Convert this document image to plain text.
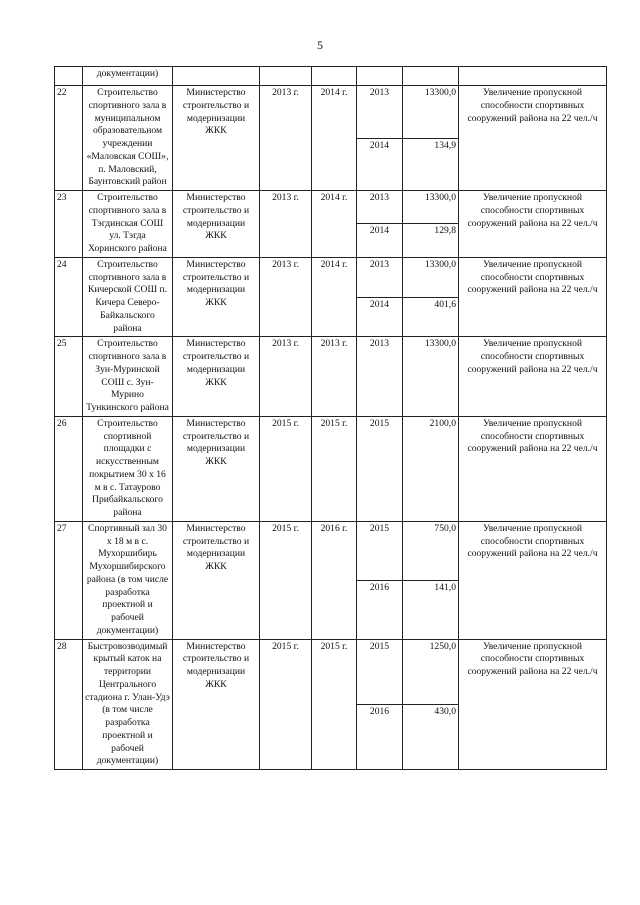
5
	документации)						
22	Строительство спортивного зала в муниципальном образовательном учреждении «Маловская СОШ», п. Маловский, Баунтовский район	Министерство строительство и модернизации ЖКК	2013 г.	2014 г.	2013	13300,0	Увеличение пропускной способности спортивных сооружений района на 22 чел./ч
					2014	134,9	
23	Строительство спортивного зала в Тэгдинская СОШ ул. Тэгда Хоринского района	Министерство строительство и модернизации ЖКК	2013 г.	2014 г.	2013	13300,0	Увеличение пропускной способности спортивных сооружений района на 22 чел./ч
					2014	129,8	
24	Строительство спортивного зала в Кичерской СОШ п. Кичера Северо-Байкальского района	Министерство строительство и модернизации ЖКК	2013 г.	2014 г.	2013	13300,0	Увеличение пропускной способности спортивных сооружений района на 22 чел./ч
					2014	401,6	
25	Строительство спортивного зала в Зун-Муринской СОШ с. Зун-Мурино Тункинского района	Министерство строительство и модернизации ЖКК	2013 г.	2013 г.	2013	13300,0	Увеличение пропускной способности спортивных сооружений района на 22 чел./ч
26	Строительство спортивной площадки с искусственным покрытием 30 х 16 м в с. Татаурово Прибайкальского района	Министерство строительство и модернизации ЖКК	2015 г.	2015 г.	2015	2100,0	Увеличение пропускной способности спортивных сооружений района на 22 чел./ч
27	Спортивный зал 30 х 18 м в с. Мухоршибирь Мухоршибирского района (в том числе разработка проектной и рабочей документации)	Министерство строительство и модернизации ЖКК	2015 г.	2016 г.	2015	750,0	Увеличение пропускной способности спортивных сооружений района на 22 чел./ч
					2016	141,0	
28	Быстровозводимый крытый каток на территории Центрального стадиона г. Улан-Удэ (в том числе разработка проектной и рабочей документации)	Министерство строительство и модернизации ЖКК	2015 г.	2015 г.	2015	1250,0	Увеличение пропускной способности спортивных сооружений района на 22 чел./ч
					2016	430,0	
